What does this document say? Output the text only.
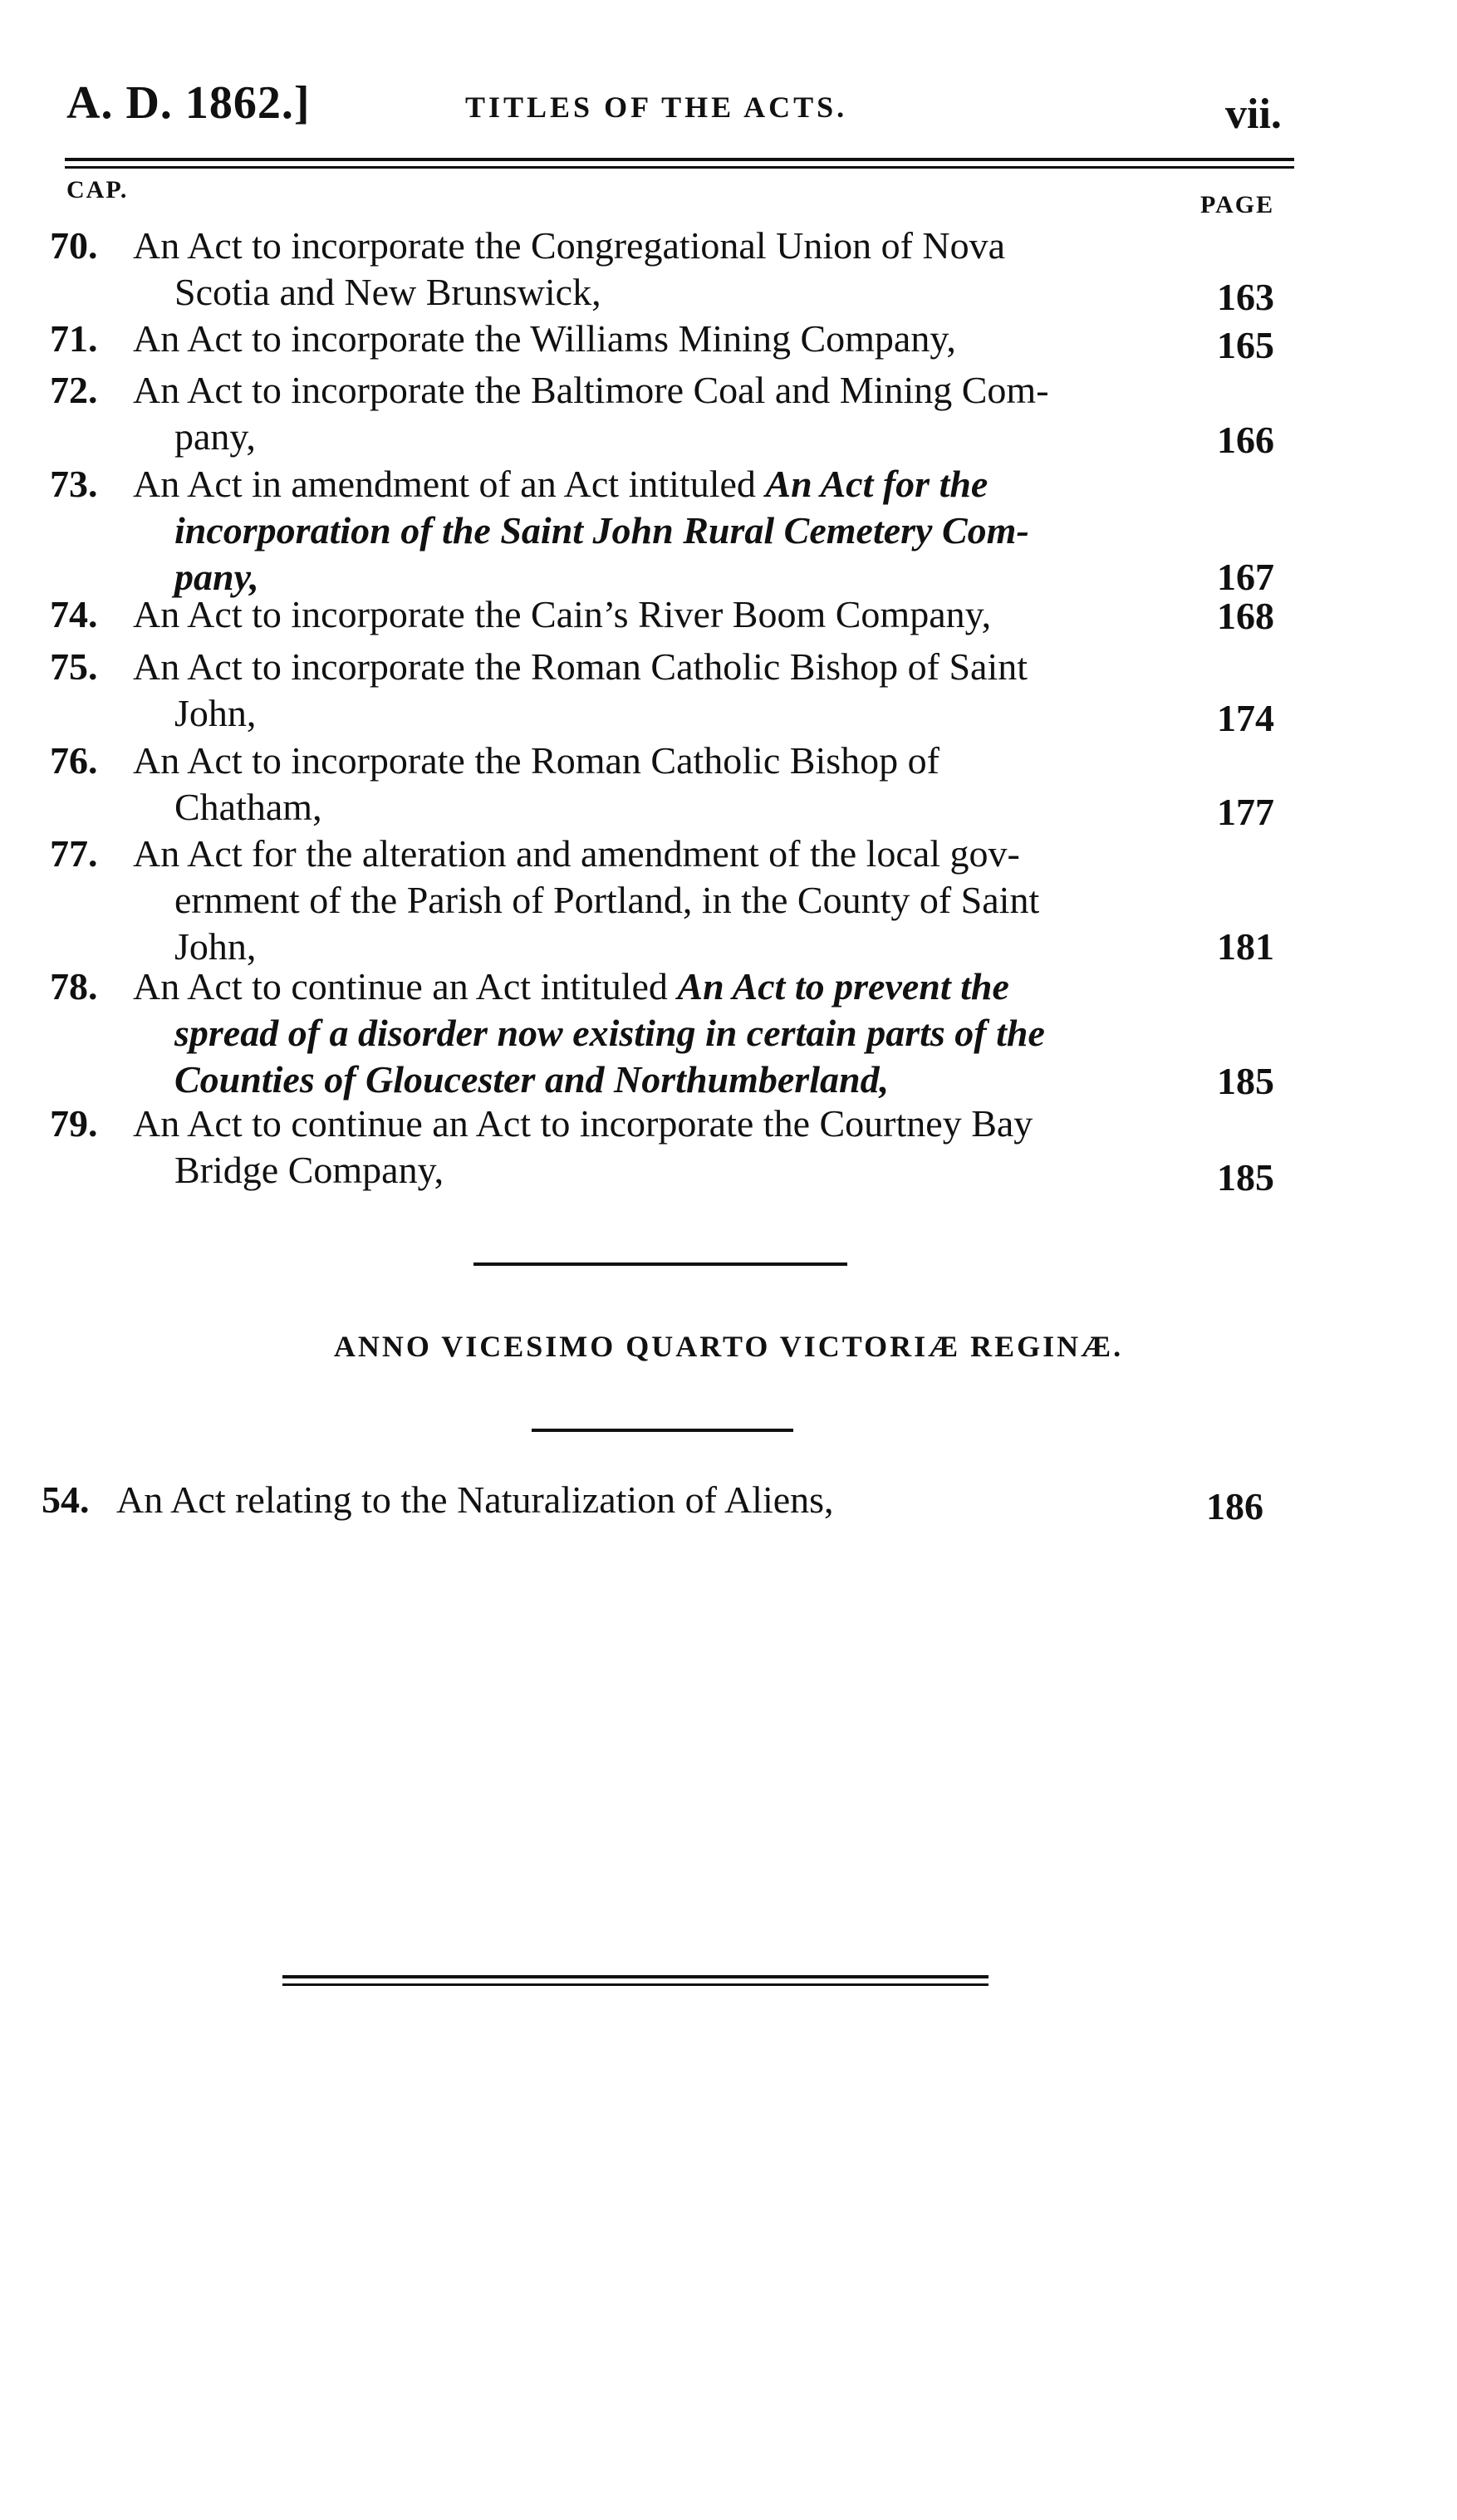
A. D. 1862.]	TITLES OF THE ACTS.	vii.
CAP.
PAGE
70. An Act to incorporate the Congregational Union of Nova
Scotia and New Brunswick,	163
71. An Act to incorporate the Williams Mining Company,	165
72. An Act to incorporate the Baltimore Coal and Mining Com-
pany,	166
73. An Act in amendment of an Act intituled An Act for the
incorporation of the Saint John Rural Cemetery Com-
pany,	167
74. An Act to incorporate the Cain’s River Boom Company,	168
75. An Act to incorporate the Roman Catholic Bishop of Saint
John,	174
76. An Act to incorporate the Roman Catholic Bishop of
Chatham,	177
77. An Act for the alteration and amendment of the local gov-
ernment of the Parish of Portland, in the County of Saint
John,	181
78. An Act to continue an Act intituled An Act to prevent the
spread of a disorder now existing in certain parts of the
Counties of Gloucester and Northumberland,	185
79. An Act to continue an Act to incorporate the Courtney Bay
Bridge Company,	185
ANNO VICESIMO QUARTO VICTORIÆ REGINÆ.
54. An Act relating to the Naturalization of Aliens,	186
